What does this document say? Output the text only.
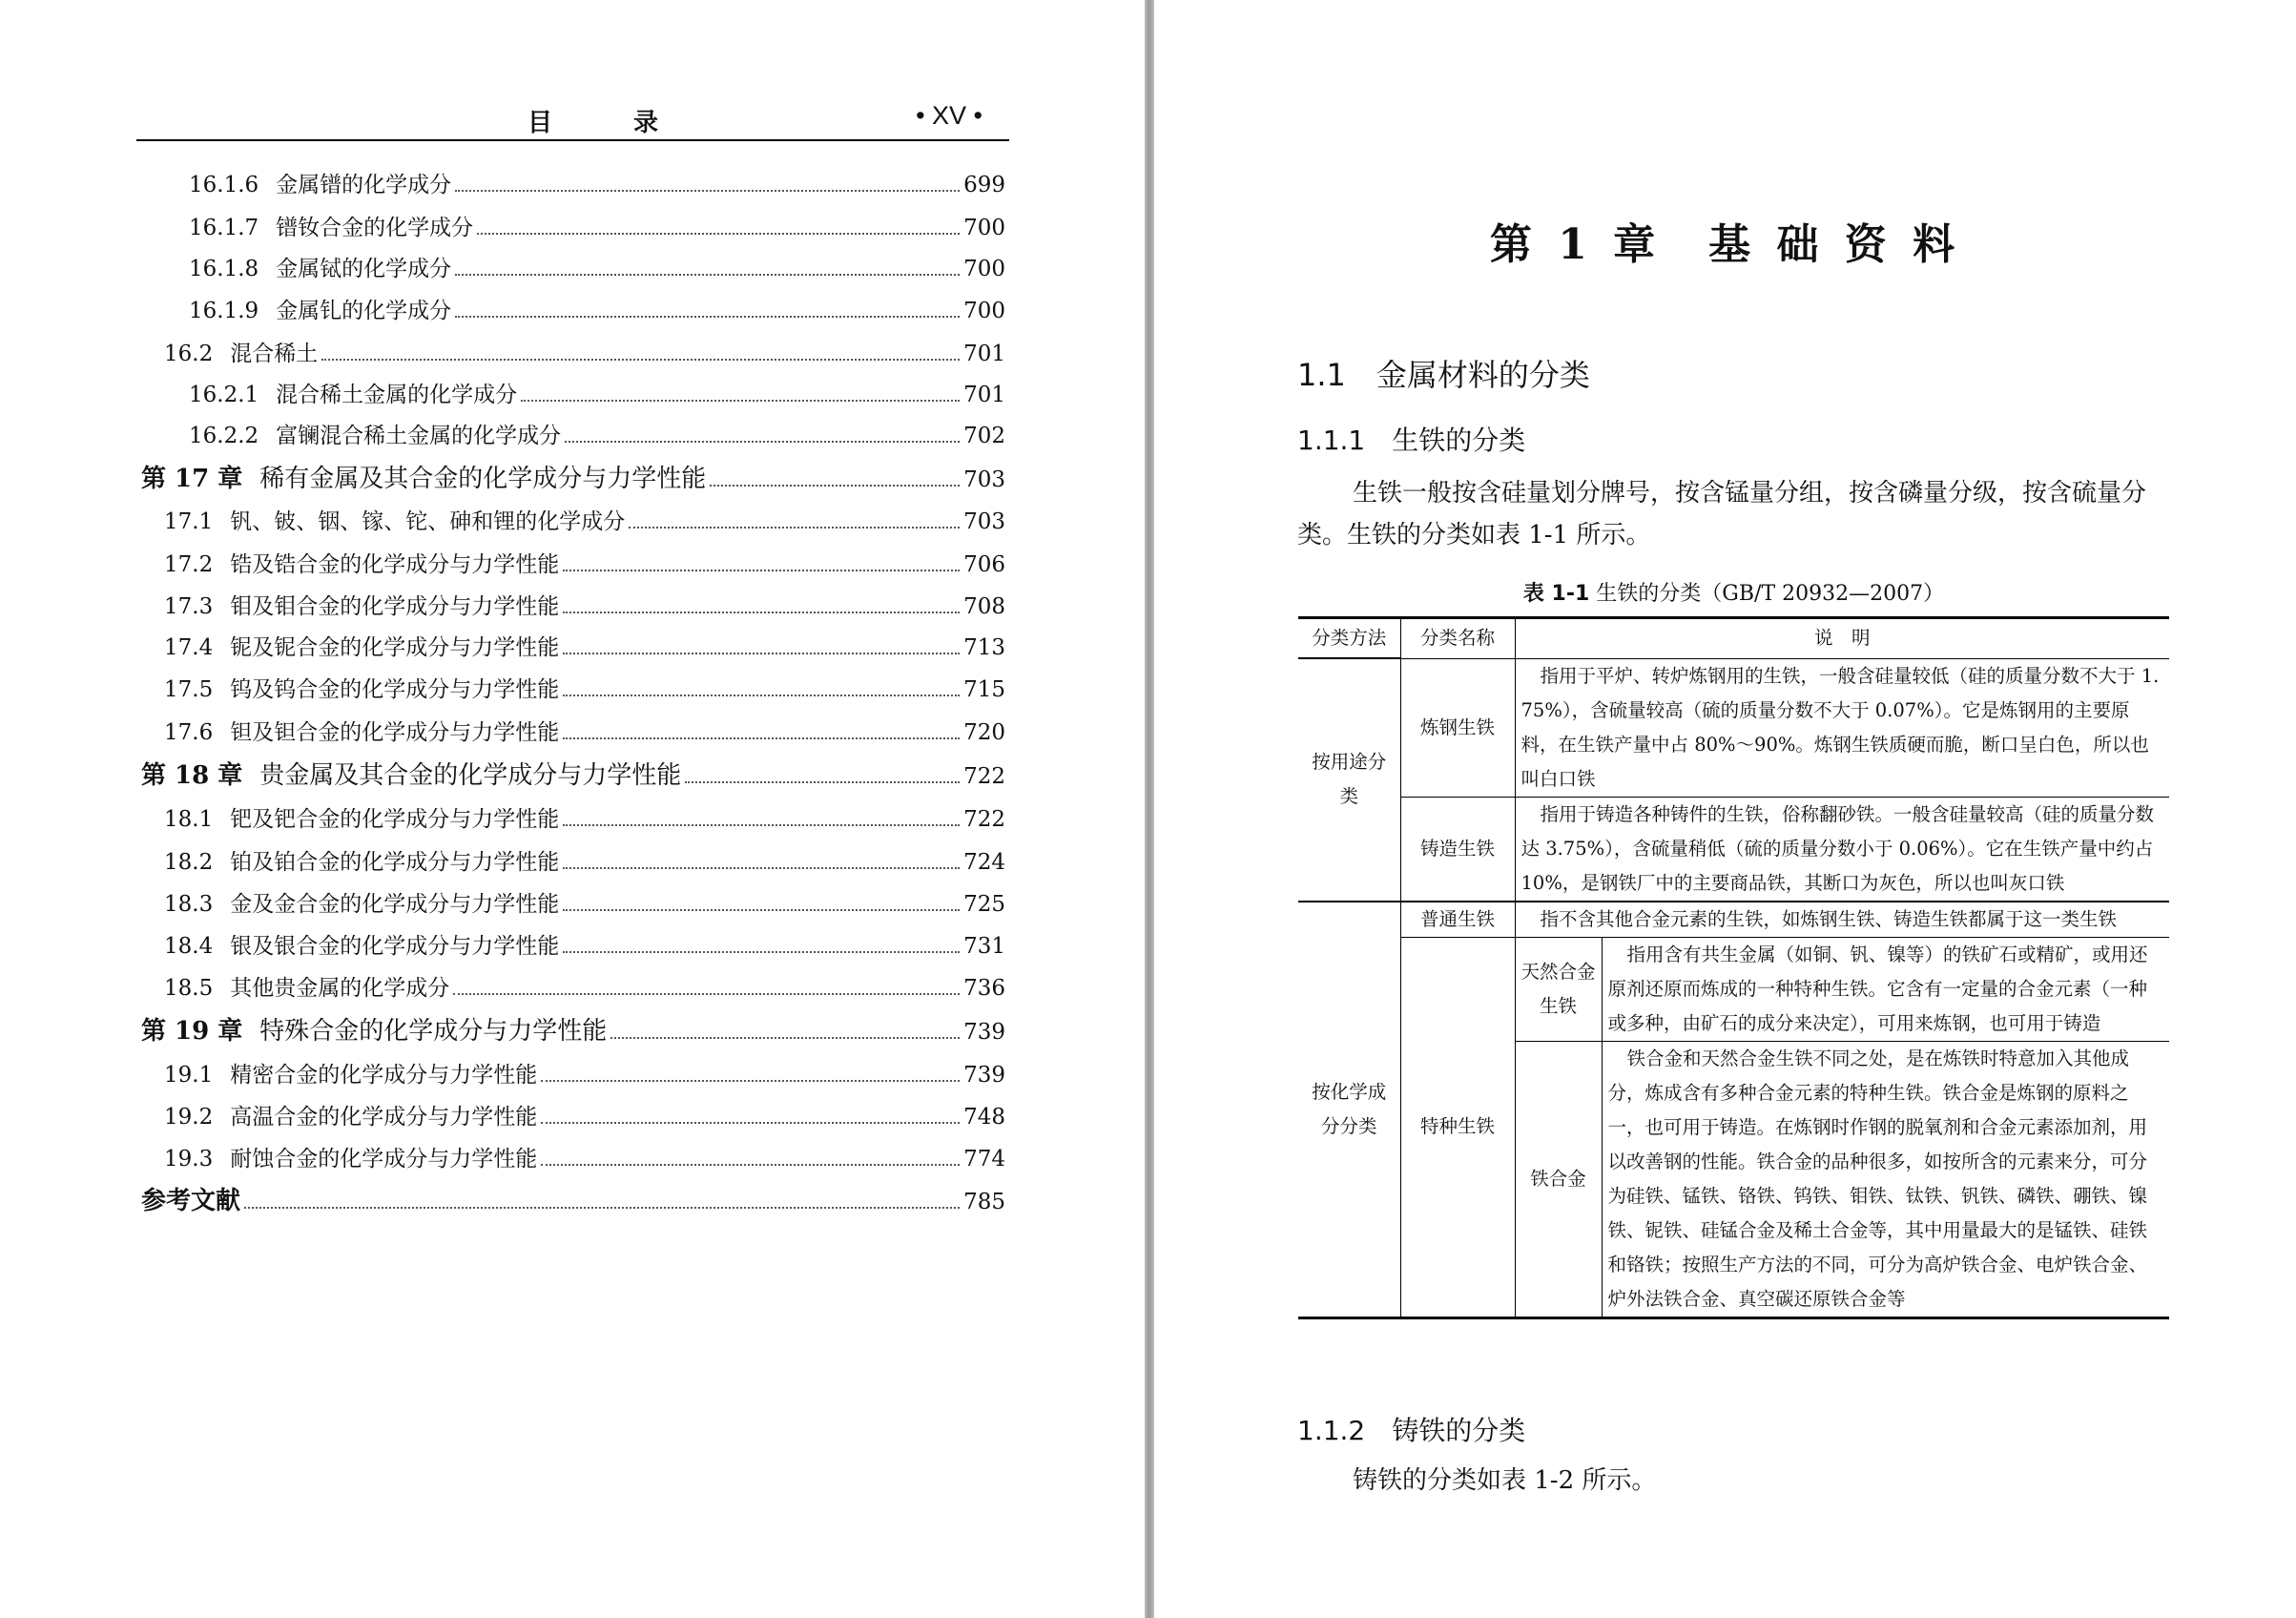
目 录	• XV •
16.1.6 金属镨的化学成分	699
16.1.7 镨钕合金的化学成分	700
16.1.8 金属铽的化学成分	700
16.1.9 金属钆的化学成分	700
16.2 混合稀土	701
16.2.1 混合稀土金属的化学成分	701
16.2.2 富镧混合稀土金属的化学成分	702
第 17 章 稀有金属及其合金的化学成分与力学性能	703
17.1 钒、铍、铟、镓、铊、砷和锂的化学成分	703
17.2 锆及锆合金的化学成分与力学性能	706
17.3 钼及钼合金的化学成分与力学性能	708
17.4 铌及铌合金的化学成分与力学性能	713
17.5 钨及钨合金的化学成分与力学性能	715
17.6 钽及钽合金的化学成分与力学性能	720
第 18 章 贵金属及其合金的化学成分与力学性能	722
18.1 钯及钯合金的化学成分与力学性能	722
18.2 铂及铂合金的化学成分与力学性能	724
18.3 金及金合金的化学成分与力学性能	725
18.4 银及银合金的化学成分与力学性能	731
18.5 其他贵金属的化学成分	736
第 19 章 特殊合金的化学成分与力学性能	739
19.1 精密合金的化学成分与力学性能	739
19.2 高温合金的化学成分与力学性能	748
19.3 耐蚀合金的化学成分与力学性能	774
参考文献	785
第 1 章　基 础 资 料
1.1　金属材料的分类
1.1.1　生铁的分类
生铁一般按含硅量划分牌号，按含锰量分组，按含磷量分级，按含硫量分类。生铁的分类如表 1-1 所示。
表 1-1 生铁的分类（GB/T 20932—2007）
分类方法	分类名称	说　明	
按用途分类	炼钢生铁	指用于平炉、转炉炼钢用的生铁，一般含硅量较低（硅的质量分数不大于 1.75%），含硫量较高（硫的质量分数不大于 0.07%）。它是炼钢用的主要原料，在生铁产量中占 80%～90%。炼钢生铁质硬而脆，断口呈白色，所以也叫白口铁	
	铸造生铁	指用于铸造各种铸件的生铁，俗称翻砂铁。一般含硅量较高（硅的质量分数达 3.75%），含硫量稍低（硫的质量分数小于 0.06%）。它在生铁产量中约占 10%，是钢铁厂中的主要商品铁，其断口为灰色，所以也叫灰口铁	
按化学成分分类	普通生铁	指不含其他合金元素的生铁，如炼钢生铁、铸造生铁都属于这一类生铁	
	特种生铁	天然合金生铁	指用含有共生金属（如铜、钒、镍等）的铁矿石或精矿，或用还原剂还原而炼成的一种特种生铁。它含有一定量的合金元素（一种或多种，由矿石的成分来决定），可用来炼钢，也可用于铸造
		铁合金	铁合金和天然合金生铁不同之处，是在炼铁时特意加入其他成分，炼成含有多种合金元素的特种生铁。铁合金是炼钢的原料之一，也可用于铸造。在炼钢时作钢的脱氧剂和合金元素添加剂，用以改善钢的性能。铁合金的品种很多，如按所含的元素来分，可分为硅铁、锰铁、铬铁、钨铁、钼铁、钛铁、钒铁、磷铁、硼铁、镍铁、铌铁、硅锰合金及稀土合金等，其中用量最大的是锰铁、硅铁和铬铁；按照生产方法的不同，可分为高炉铁合金、电炉铁合金、炉外法铁合金、真空碳还原铁合金等
1.1.2　铸铁的分类
铸铁的分类如表 1-2 所示。
